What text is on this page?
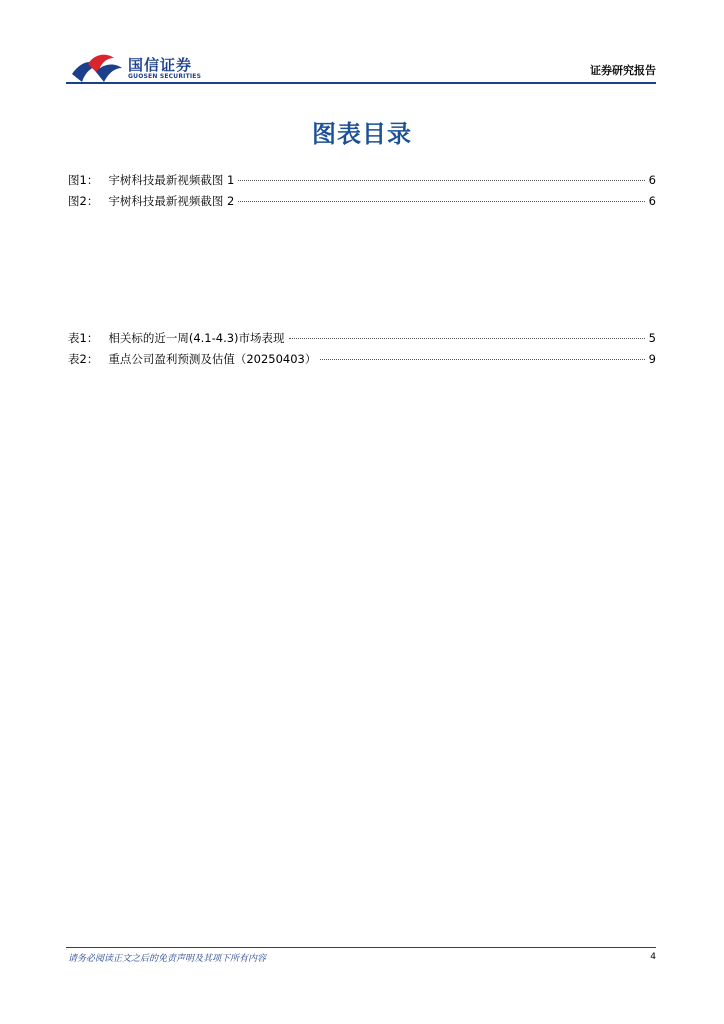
国信证券
GUOSEN SECURITIES	证券研究报告
图表目录
图1： 宇树科技最新视频截图 1	6
图2： 宇树科技最新视频截图 2	6
表1： 相关标的近一周(4.1-4.3)市场表现	5
表2： 重点公司盈利预测及估值（20250403）	9
请务必阅读正文之后的免责声明及其项下所有内容	4
